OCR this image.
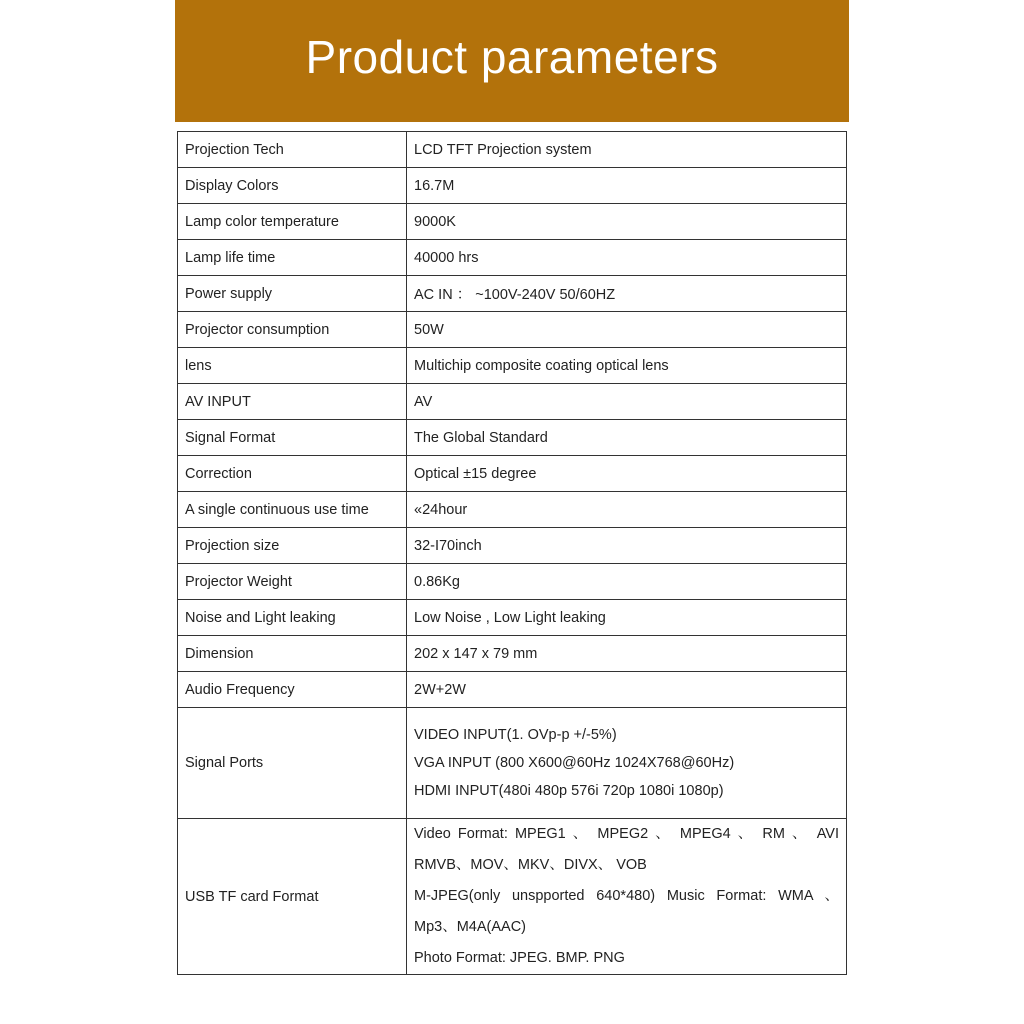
Product parameters
Projection Tech	LCD TFT Projection system
Display Colors	16.7M
Lamp color temperature	9000K
Lamp life time	40000 hrs
Power supply	AC IN ： ~100V-240V 50/60HZ
Projector consumption	50W
lens	Multichip composite coating optical lens
AV INPUT	AV
Signal Format	The Global Standard
Correction	Optical ±15 degree
A single continuous use time	«24hour
Projection size	32-I70inch
Projector Weight	0.86Kg
Noise and Light leaking	Low Noise , Low Light leaking
Dimension	202 x 147 x 79 mm
Audio Frequency	2W+2W
Signal Ports	VIDEO INPUT(1. OVp-p +/-5%)
VGA INPUT (800 X600@60Hz 1024X768@60Hz)
HDMI INPUT(480i 480p 576i 720p 1080i 1080p)

USB TF card Format	Video Format: MPEG1 、 MPEG2 、 MPEG4 、 RM 、 AVI
RMVB、MOV、MKV、DIVX、 VOB
M-JPEG(only unspported 640*480) Music Format: WMA 、
Mp3、M4A(AAC)
Photo Format: JPEG. BMP. PNG
